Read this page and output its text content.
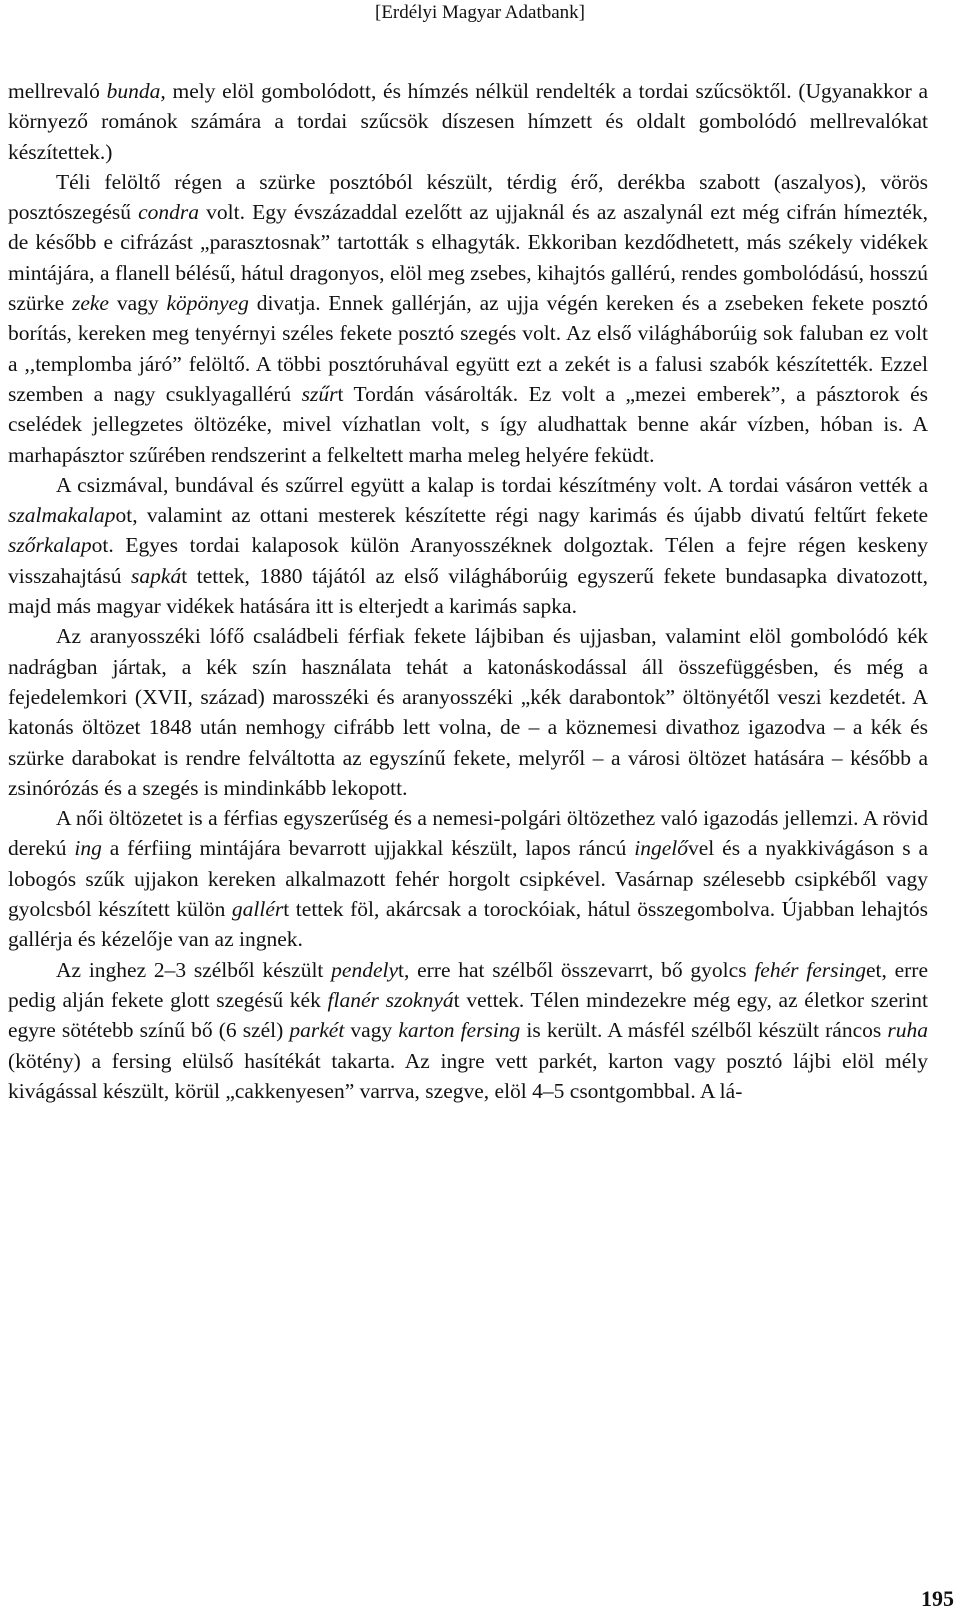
[Erdélyi Magyar Adatbank]

mellrevaló bunda, mely elöl gombolódott, és hímzés nélkül rendelték a tordai szűcsöktől. (Ugyanakkor a környező románok számára a tordai szűcsök díszesen hímzett és oldalt gombolódó mellrevalókat készítettek.)

Téli felöltő régen a szürke posztóból készült, térdig érő, derékba szabott (aszalyos), vörös posztószegésű condra volt. Egy évszázaddal ezelőtt az ujjaknál és az aszalynál ezt még cifrán hímezték, de később e cifrázást „parasztosnak” tartották s elhagyták. Ekkoriban kezdődhetett, más székely vidékek mintájára, a flanell bélésű, hátul dragonyos, elöl meg zsebes, kihajtós gallérú, rendes gombolódású, hosszú szürke zeke vagy köpönyeg divatja. Ennek gallérján, az ujja végén kereken és a zsebeken fekete posztó borítás, kereken meg tenyérnyi széles fekete posztó szegés volt. Az első világháborúig sok faluban ez volt a ,,templomba járó” felöltő. A többi posztóruhával együtt ezt a zekét is a falusi szabók készítették. Ezzel szemben a nagy csuklyagallérú szűrt Tordán vásárolták. Ez volt a „mezei emberek”, a pásztorok és cselédek jellegzetes öltözéke, mivel vízhatlan volt, s így aludhattak benne akár vízben, hóban is. A marhapásztor szűrében rendszerint a felkeltett marha meleg helyére feküdt.

A csizmával, bundával és szűrrel együtt a kalap is tordai készítmény volt. A tordai vásáron vették a szalmakalapot, valamint az ottani mesterek készítette régi nagy karimás és újabb divatú feltűrt fekete szőrkalapot. Egyes tordai kalaposok külön Aranyosszéknek dolgoztak. Télen a fejre régen keskeny visszahajtású sapkát tettek, 1880 tájától az első világháborúig egyszerű fekete bundasapka divatozott, majd más magyar vidékek hatására itt is elterjedt a karimás sapka.

Az aranyosszéki lófő családbeli férfiak fekete lájbiban és ujjasban, valamint elöl gombolódó kék nadrágban jártak, a kék szín használata tehát a katonáskodással áll összefüggésben, és még a fejedelemkori (XVII, század) marosszéki és aranyosszéki „kék darabontok” öltönyétől veszi kezdetét. A katonás öltözet 1848 után nemhogy cifrább lett volna, de – a köznemesi divathoz igazodva – a kék és szürke darabokat is rendre felváltotta az egyszínű fekete, melyről – a városi öltözet hatására – később a zsinórózás és a szegés is mindinkább lekopott.

A női öltözetet is a férfias egyszerűség és a nemesi-polgári öltözethez való igazodás jellemzi. A rövid derekú ing a férfiing mintájára bevarrott ujjakkal készült, lapos ráncú ingelővel és a nyakkivágáson s a lobogós szűk ujjakon kereken alkalmazott fehér horgolt csipkével. Vasárnap szélesebb csipkéből vagy gyolcsból készített külön gallért tettek föl, akárcsak a torockóiak, hátul összegombolva. Újabban lehajtós gallérja és kézelője van az ingnek.

Az inghez 2–3 szélből készült pendelyt, erre hat szélből összevarrt, bő gyolcs fehér fersinget, erre pedig alján fekete glott szegésű kék flanér szoknyát vettek. Télen mindezekre még egy, az életkor szerint egyre sötétebb színű bő (6 szél) parkét vagy karton fersing is került. A másfél szélből készült ráncos ruha (kötény) a fersing elülső hasítékát takarta. Az ingre vett parkét, karton vagy posztó lájbi elöl mély kivágással készült, körül „cakkenyesen” varrva, szegve, elöl 4–5 csontgombbal. A lá-

195
